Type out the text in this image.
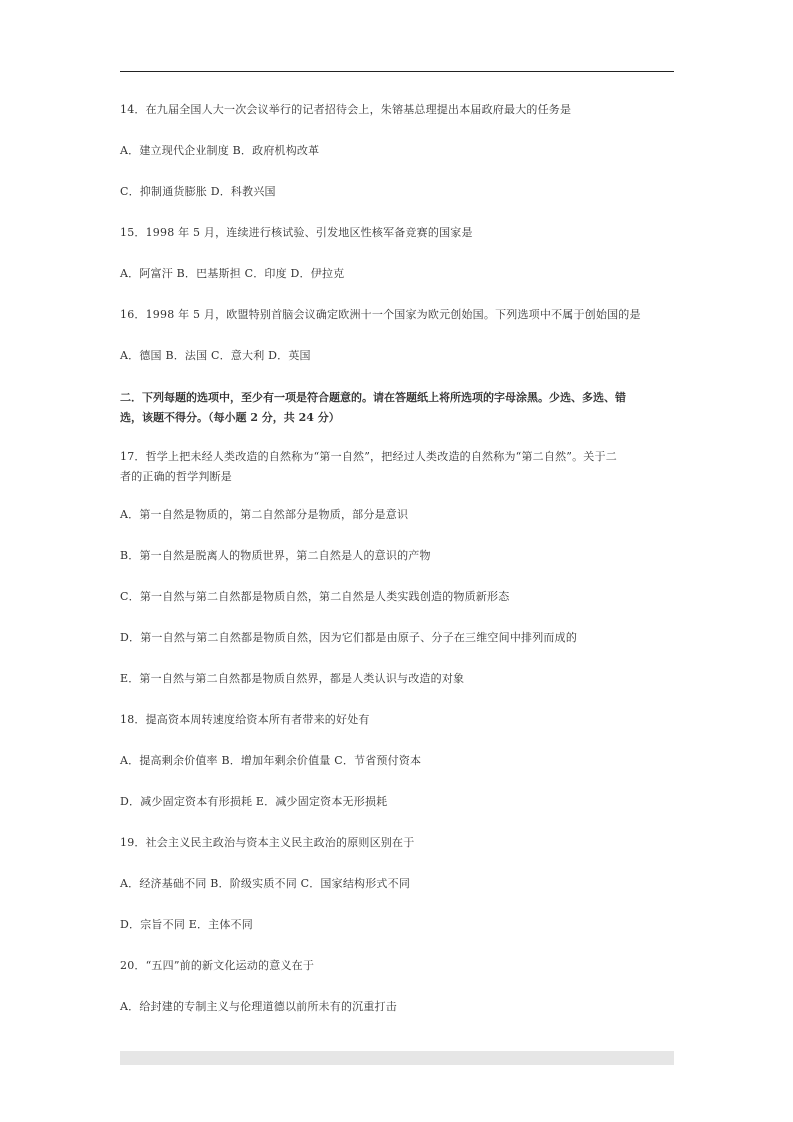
14．在九届全国人大一次会议举行的记者招待会上，朱镕基总理提出本届政府最大的任务是
A．建立现代企业制度 B．政府机构改革
C．抑制通货膨胀 D．科教兴国
15．1998 年 5 月，连续进行核试验、引发地区性核军备竞赛的国家是
A．阿富汗 B．巴基斯担 C．印度 D．伊拉克
16．1998 年 5 月，欧盟特别首脑会议确定欧洲十一个国家为欧元创始国。下列选项中不属于创始国的是
A．德国 B．法国 C．意大利 D．英国
二．下列每题的选项中，至少有一项是符合题意的。请在答题纸上将所选项的字母涂黑。少选、多选、错
选，该题不得分。（每小题 2 分，共 24 分）
17．哲学上把未经人类改造的自然称为“第一自然”，把经过人类改造的自然称为“第二自然”。关于二
者的正确的哲学判断是
A．第一自然是物质的，第二自然部分是物质，部分是意识
B．第一自然是脱离人的物质世界，第二自然是人的意识的产物
C．第一自然与第二自然都是物质自然，第二自然是人类实践创造的物质新形态
D．第一自然与第二自然都是物质自然，因为它们都是由原子、分子在三维空间中排列而成的
E．第一自然与第二自然都是物质自然界，都是人类认识与改造的对象
18．提高资本周转速度给资本所有者带来的好处有
A．提高剩余价值率 B．增加年剩余价值量 C．节省预付资本
D．减少固定资本有形损耗 E．减少固定资本无形损耗
19．社会主义民主政治与资本主义民主政治的原则区别在于
A．经济基础不同 B．阶级实质不同 C．国家结构形式不同
D．宗旨不同 E．主体不同
20．“五四”前的新文化运动的意义在于
A．给封建的专制主义与伦理道德以前所未有的沉重打击
